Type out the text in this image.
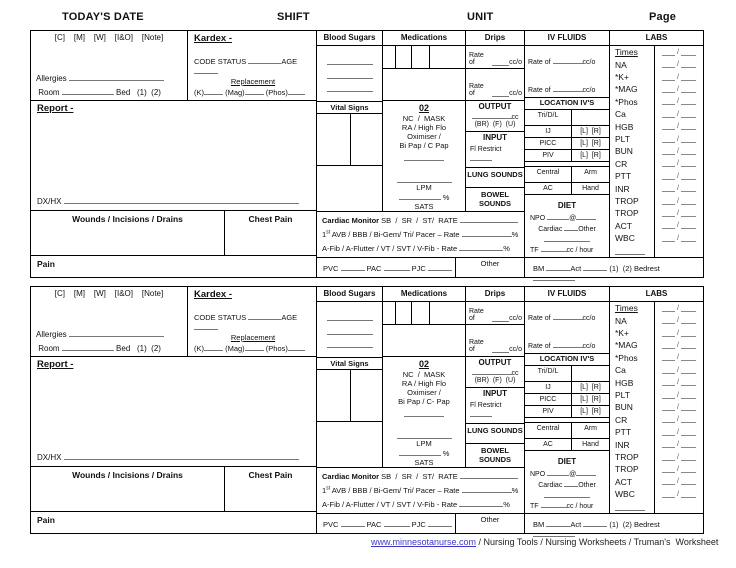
TODAY'S DATE	SHIFT	UNIT	Page
[C]    [M]    [W]    [I&O]    [Note]
Allergies
Room	Bed   (1)  (2)
Kardex -
CODE STATUS	AGE
Replacement
(K)	(Mag)	(Phos)
Report -
DX/HX
Wounds / Incisions / Drains	Chest Pain
Pain
Blood Sugars
Vital Signs
Medications
02
NC  /  MASK
RA / High Flo
Oximiser /
Bi Pap / C Pap
LPM
%
SATS
Drips
Rate of
	cc/o
Rate of
	cc/o
OUTPUT
cc
(BR)  (F)  (U)
INPUT
Fl Restrict
LUNG SOUNDS
BOWEL SOUNDS
Cardiac Monitor SB  /  SR  /  ST/  RATE
1st AVB / BBB / Bi-Gem/ Tri/ Pacer – Rate	%
A-Fib / A-Flutter / VT / SVT / V-Fib - Rate	%
PVC	PAC	PJC
Other
IV FLUIDS
Rate of	cc/o
Rate of	cc/o
LOCATION IV'S
Tri/D/L
IJ	[L]  [R]
PICC	[L]  [R]
PIV	[L]  [R]
Central	Arm
AC	Hand
DIET
NPO	@
Cardiac Other
TF	cc / hour
LABS
Times
	/

NA
	/

*K+
	/

*MAG
	/

*Phos
	/

Ca
	/

HGB
	/

PLT
	/

BUN
	/

CR
	/

PTT
	/

INR
	/

TROP
	/

TROP
	/

ACT
	/

WBC
	/

BM	Act	(1)  (2) Bedrest
[C]    [M]    [W]    [I&O]    [Note]
Allergies
Room	Bed   (1)  (2)
Kardex -
CODE STATUS	AGE
Replacement
(K)	(Mag)	(Phos)
Report -
DX/HX
Wounds / Incisions / Drains	Chest Pain
Pain
Blood Sugars
Vital Signs
Medications
02
NC  /  MASK
RA / High Flo
Oximiser /
Bi Pap / C- Pap
LPM
%
SATS
Drips
Rate of
	cc/o
Rate of
	cc/o
OUTPUT
cc
(BR)  (F)  (U)
INPUT
Fl Restrict
LUNG SOUNDS
BOWEL SOUNDS
Cardiac Monitor SB  /  SR  /  ST/  RATE
1st AVB / BBB / Bi-Gem/ Tri/ Pacer – Rate	%
A-Fib / A-Flutter / VT / SVT / V-Fib - Rate	%
PVC	PAC	PJC
Other
IV FLUIDS
Rate of	cc/o
Rate of	cc/o
LOCATION IV'S
Tri/D/L
IJ	[L]  [R]
PICC	[L]  [R]
PIV	[L]  [R]
Central	Arm
AC	Hand
DIET
NPO	@
Cardiac Other
TF	cc / hour
LABS
Times
	/

NA
	/

*K+
	/

*MAG
	/

*Phos
	/

Ca
	/

HGB
	/

PLT
	/

BUN
	/

CR
	/

PTT
	/

INR
	/

TROP
	/

TROP
	/

ACT
	/

WBC
	/

BM	Act	(1)  (2) Bedrest
www.minnesotanurse.com / Nursing Tools / Nursing Worksheets / Truman's  Worksheet
